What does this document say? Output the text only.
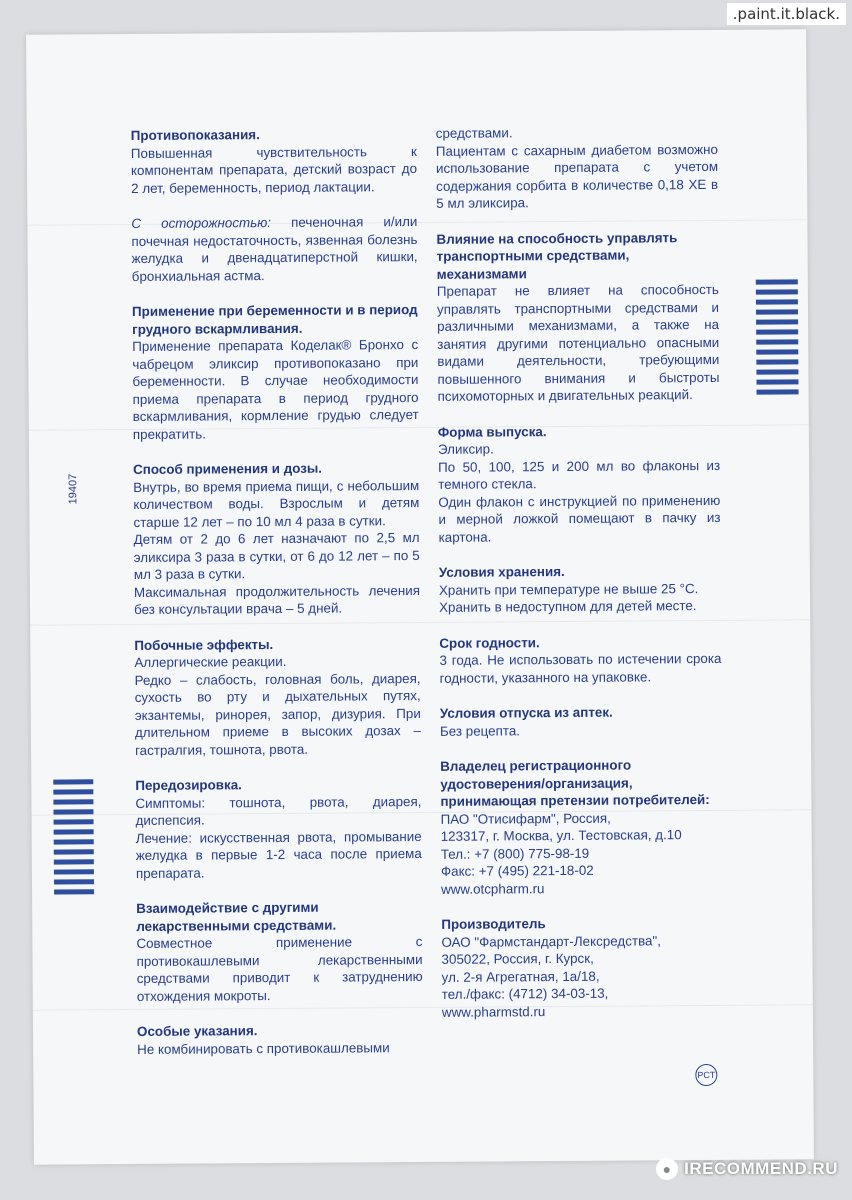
.paint.it.black.
19407
Противопоказания.
Повышенная чувствительность к компонентам препарата, детский возраст до 2 лет, беременность, период лактации.
С осторожностью: печеночная и/или почечная недостаточность, язвенная болезнь желудка и двенадцатиперстной кишки, бронхиальная астма.
Применение при беременности и в период грудного вскармливания.
Применение препарата Коделак® Бронхо с чабрецом эликсир противопоказано при беременности. В случае необходимости приема препарата в период грудного вскармливания, кормление грудью следует прекратить.
Способ применения и дозы.
Внутрь, во время приема пищи, с небольшим количеством воды. Взрослым и детям старше 12 лет – по 10 мл 4 раза в сутки.
Детям от 2 до 6 лет назначают по 2,5 мл эликсира 3 раза в сутки, от 6 до 12 лет – по 5 мл 3 раза в сутки.
Максимальная продолжительность лечения без консультации врача – 5 дней.
Побочные эффекты.
Аллергические реакции.
Редко – слабость, головная боль, диарея, сухость во рту и дыхательных путях, экзантемы, ринорея, запор, дизурия. При длительном приеме в высоких дозах – гастралгия, тошнота, рвота.
Передозировка.
Симптомы: тошнота, рвота, диарея, диспепсия.
Лечение: искусственная рвота, промывание желудка в первые 1-2 часа после приема препарата.
Взаимодействие с другими лекарственными средствами.
Совместное применение с противокашлевыми лекарственными средствами приводит к затруднению отхождения мокроты.
Особые указания.
Не комбинировать с противокашлевыми
средствами.
Пациентам с сахарным диабетом возможно использование препарата с учетом содержания сорбита в количестве 0,18 ХЕ в 5 мл эликсира.
Влияние на способность управлять транспортными средствами, механизмами
Препарат не влияет на способность управлять транспортными средствами и различными механизмами, а также на занятия другими потенциально опасными видами деятельности, требующими повышенного внимания и быстроты психомоторных и двигательных реакций.
Форма выпуска.
Эликсир.
По 50, 100, 125 и 200 мл во флаконы из темного стекла.
Один флакон с инструкцией по применению и мерной ложкой помещают в пачку из картона.
Условия хранения.
Хранить при температуре не выше 25 °С.
Хранить в недоступном для детей месте.
Срок годности.
3 года. Не использовать по истечении срока годности, указанного на упаковке.
Условия отпуска из аптек.
Без рецепта.
Владелец регистрационного удостоверения/организация, принимающая претензии потребителей:
ПАО "Отисифарм", Россия,
123317, г. Москва, ул. Тестовская, д.10
Тел.: +7 (800) 775-98-19
Факс: +7 (495) 221-18-02
www.otcpharm.ru
Производитель
ОАО "Фармстандарт-Лексредства",
305022, Россия, г. Курск,
ул. 2-я Агрегатная, 1а/18,
тел./факс: (4712) 34-03-13,
www.pharmstd.ru
PCT
● IRECOMMEND.RU
